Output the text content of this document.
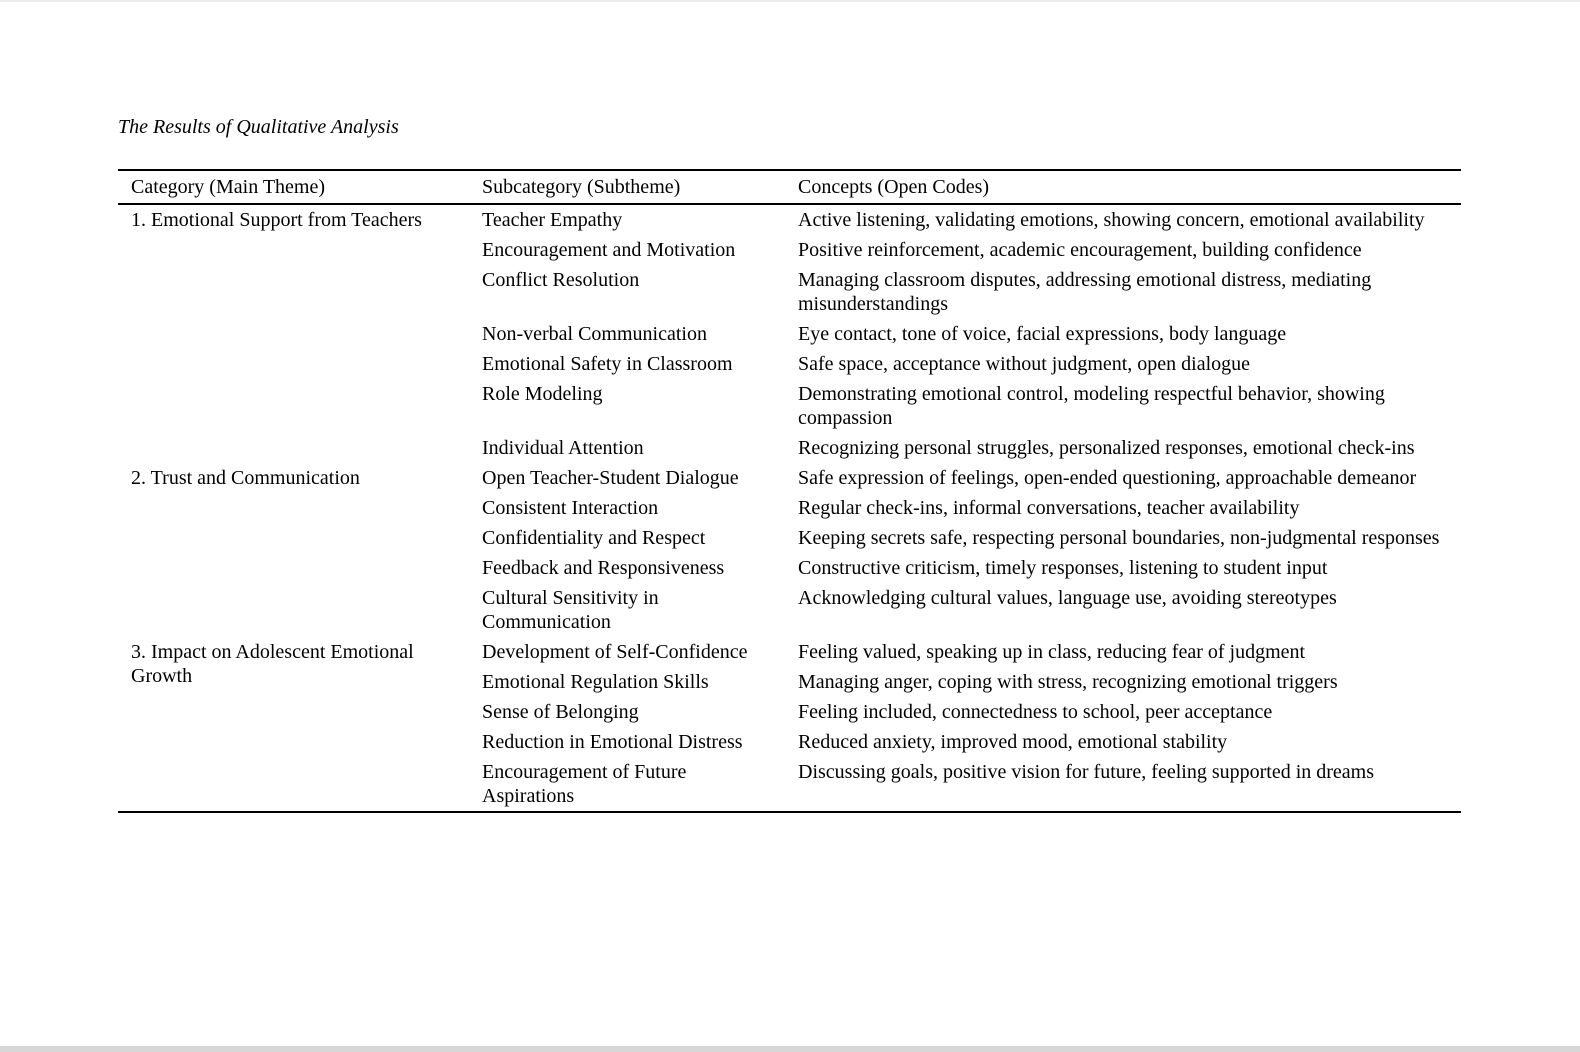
The Results of Qualitative Analysis
Category (Main Theme)	Subcategory (Subtheme)	Concepts (Open Codes)
1. Emotional Support from Teachers	Teacher Empathy	Active listening, validating emotions, showing concern, emotional availability
	Encouragement and Motivation	Positive reinforcement, academic encouragement, building confidence
	Conflict Resolution	Managing classroom disputes, addressing emotional distress, mediating misunderstandings
	Non-verbal Communication	Eye contact, tone of voice, facial expressions, body language
	Emotional Safety in Classroom	Safe space, acceptance without judgment, open dialogue
	Role Modeling	Demonstrating emotional control, modeling respectful behavior, showing compassion
	Individual Attention	Recognizing personal struggles, personalized responses, emotional check-ins
2. Trust and Communication	Open Teacher-Student Dialogue	Safe expression of feelings, open-ended questioning, approachable demeanor
	Consistent Interaction	Regular check-ins, informal conversations, teacher availability
	Confidentiality and Respect	Keeping secrets safe, respecting personal boundaries, non-judgmental responses
	Feedback and Responsiveness	Constructive criticism, timely responses, listening to student input
	Cultural Sensitivity in Communication	Acknowledging cultural values, language use, avoiding stereotypes
3. Impact on Adolescent Emotional Growth	Development of Self-Confidence	Feeling valued, speaking up in class, reducing fear of judgment
	Emotional Regulation Skills	Managing anger, coping with stress, recognizing emotional triggers
	Sense of Belonging	Feeling included, connectedness to school, peer acceptance
	Reduction in Emotional Distress	Reduced anxiety, improved mood, emotional stability
	Encouragement of Future Aspirations	Discussing goals, positive vision for future, feeling supported in dreams
